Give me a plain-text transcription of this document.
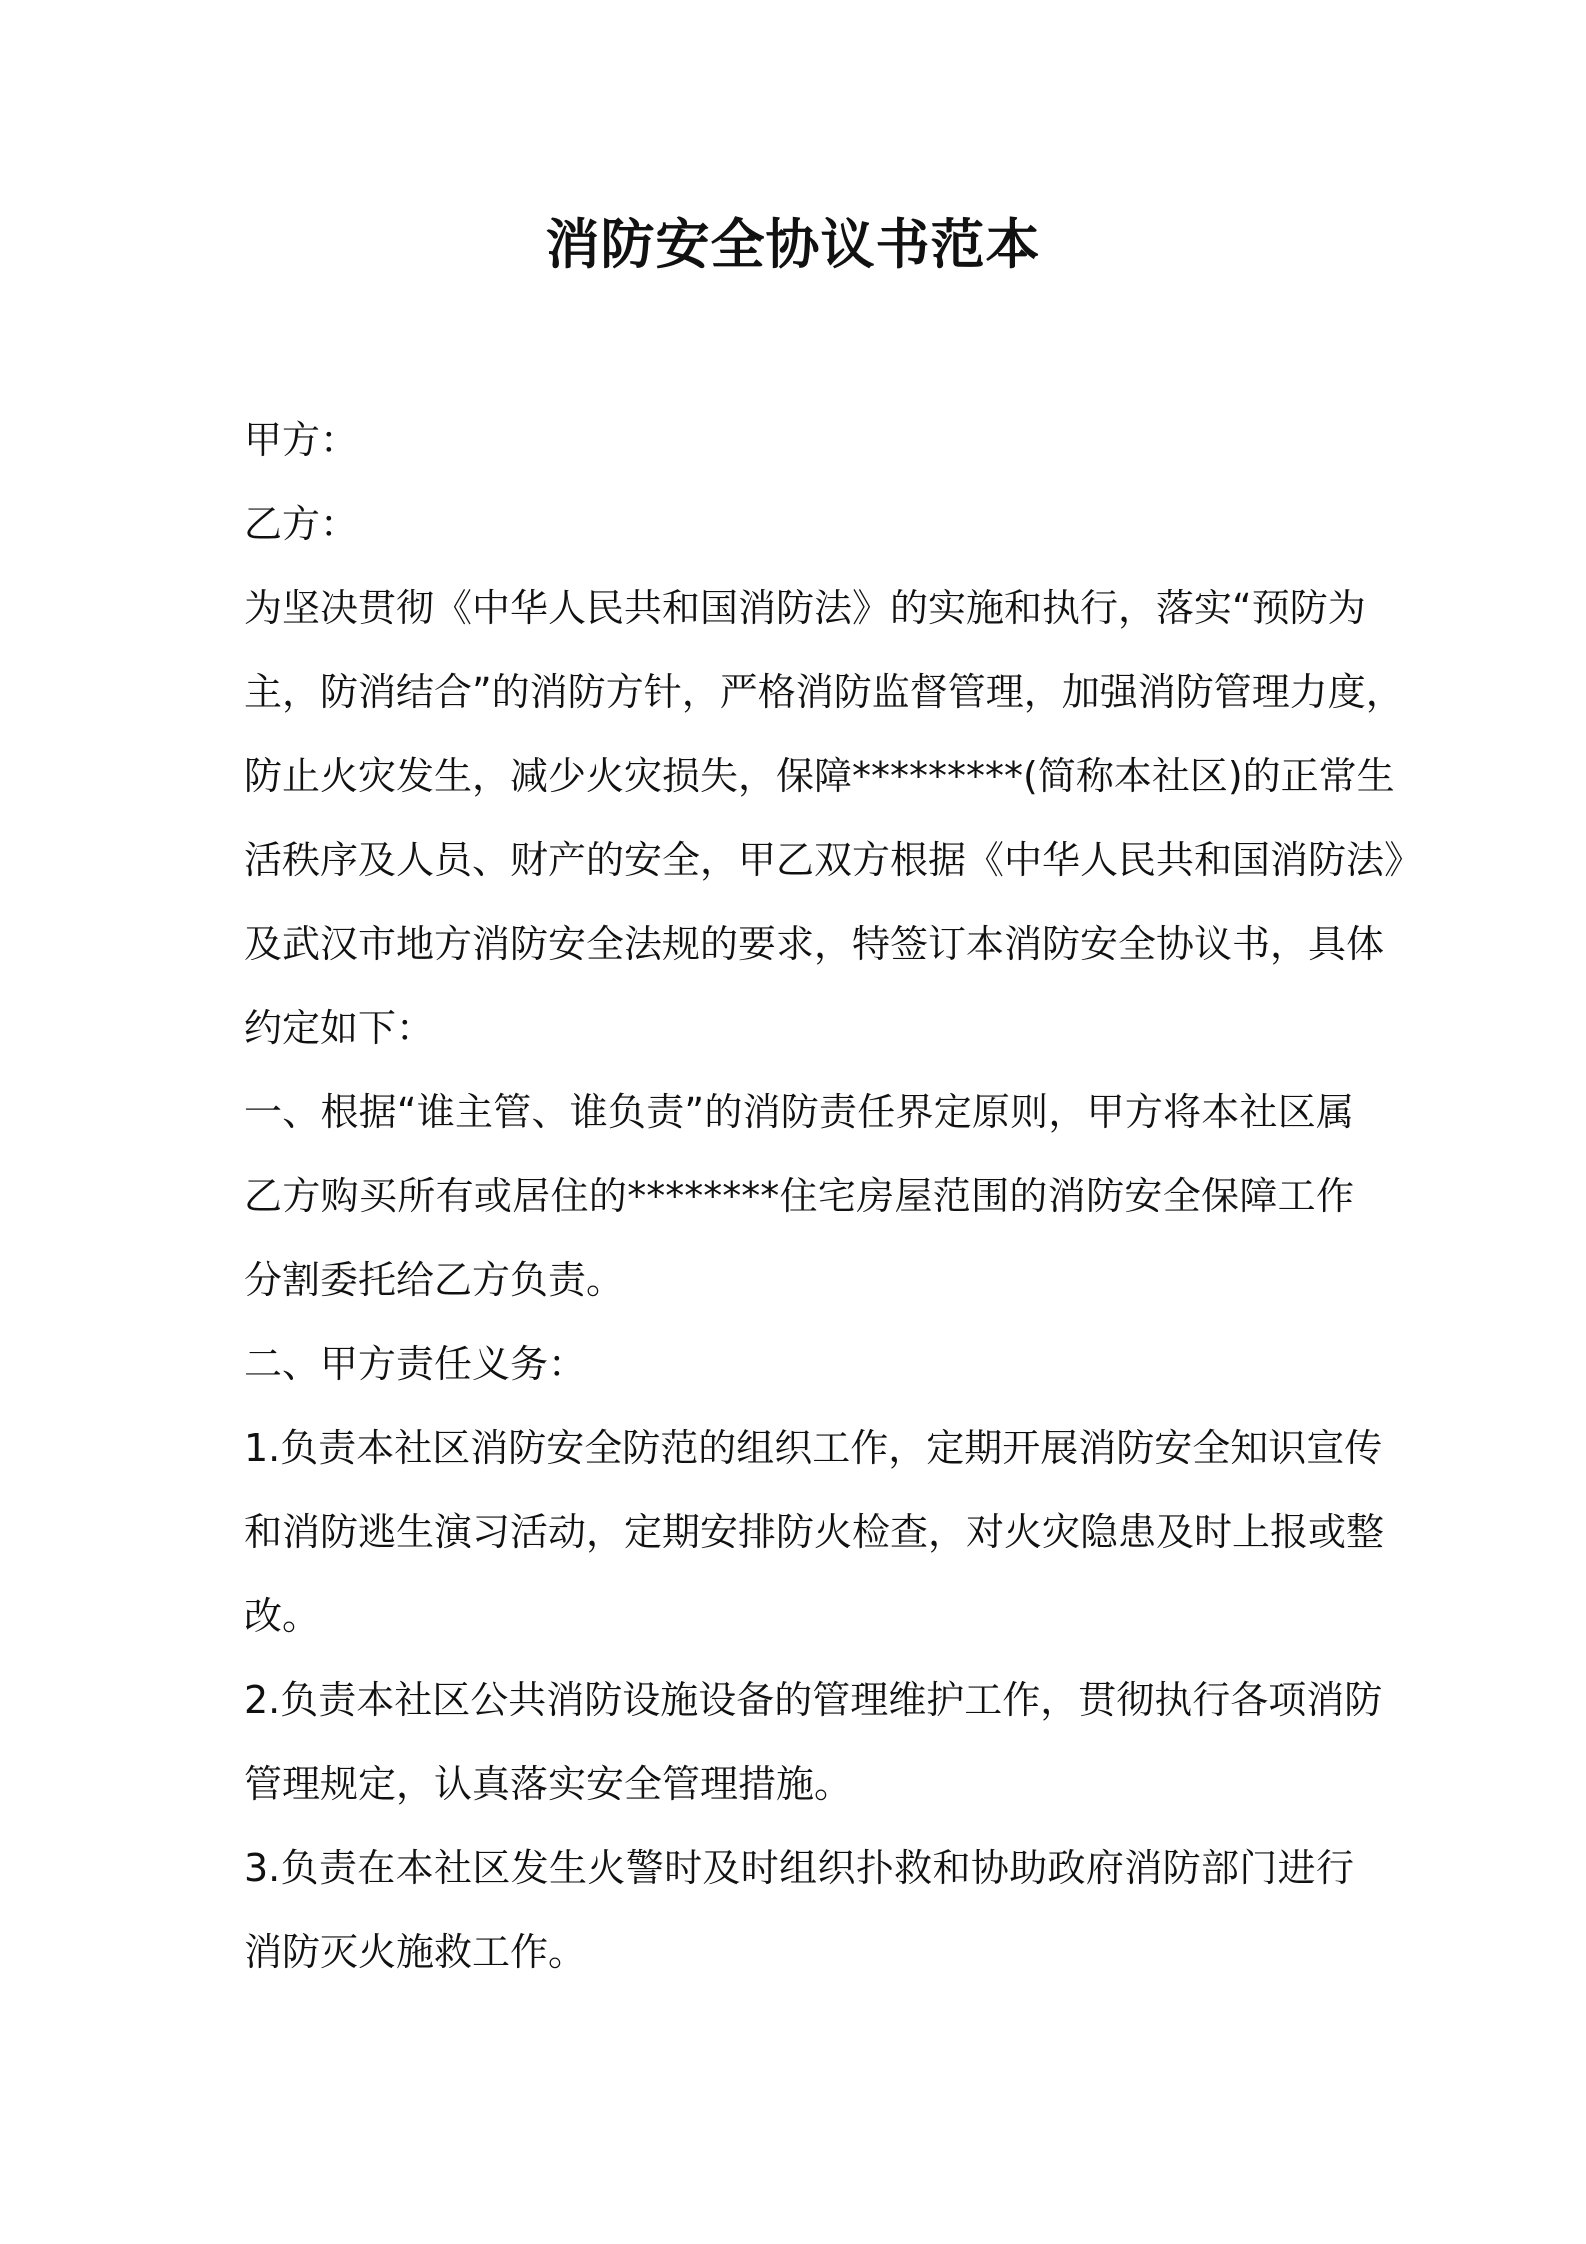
消防安全协议书范本
甲方：
乙方：
为坚决贯彻《中华人民共和国消防法》的实施和执行，落实“预防为
主，防消结合”的消防方针，严格消防监督管理，加强消防管理力度，
防止火灾发生，减少火灾损失，保障*********(简称本社区)的正常生
活秩序及人员、财产的安全，甲乙双方根据《中华人民共和国消防法》
及武汉市地方消防安全法规的要求，特签订本消防安全协议书，具体
约定如下：
一、根据“谁主管、谁负责”的消防责任界定原则，甲方将本社区属
乙方购买所有或居住的********住宅房屋范围的消防安全保障工作
分割委托给乙方负责。
二、甲方责任义务：
1.负责本社区消防安全防范的组织工作，定期开展消防安全知识宣传
和消防逃生演习活动，定期安排防火检查，对火灾隐患及时上报或整
改。
2.负责本社区公共消防设施设备的管理维护工作，贯彻执行各项消防
管理规定，认真落实安全管理措施。
3.负责在本社区发生火警时及时组织扑救和协助政府消防部门进行
消防灭火施救工作。
